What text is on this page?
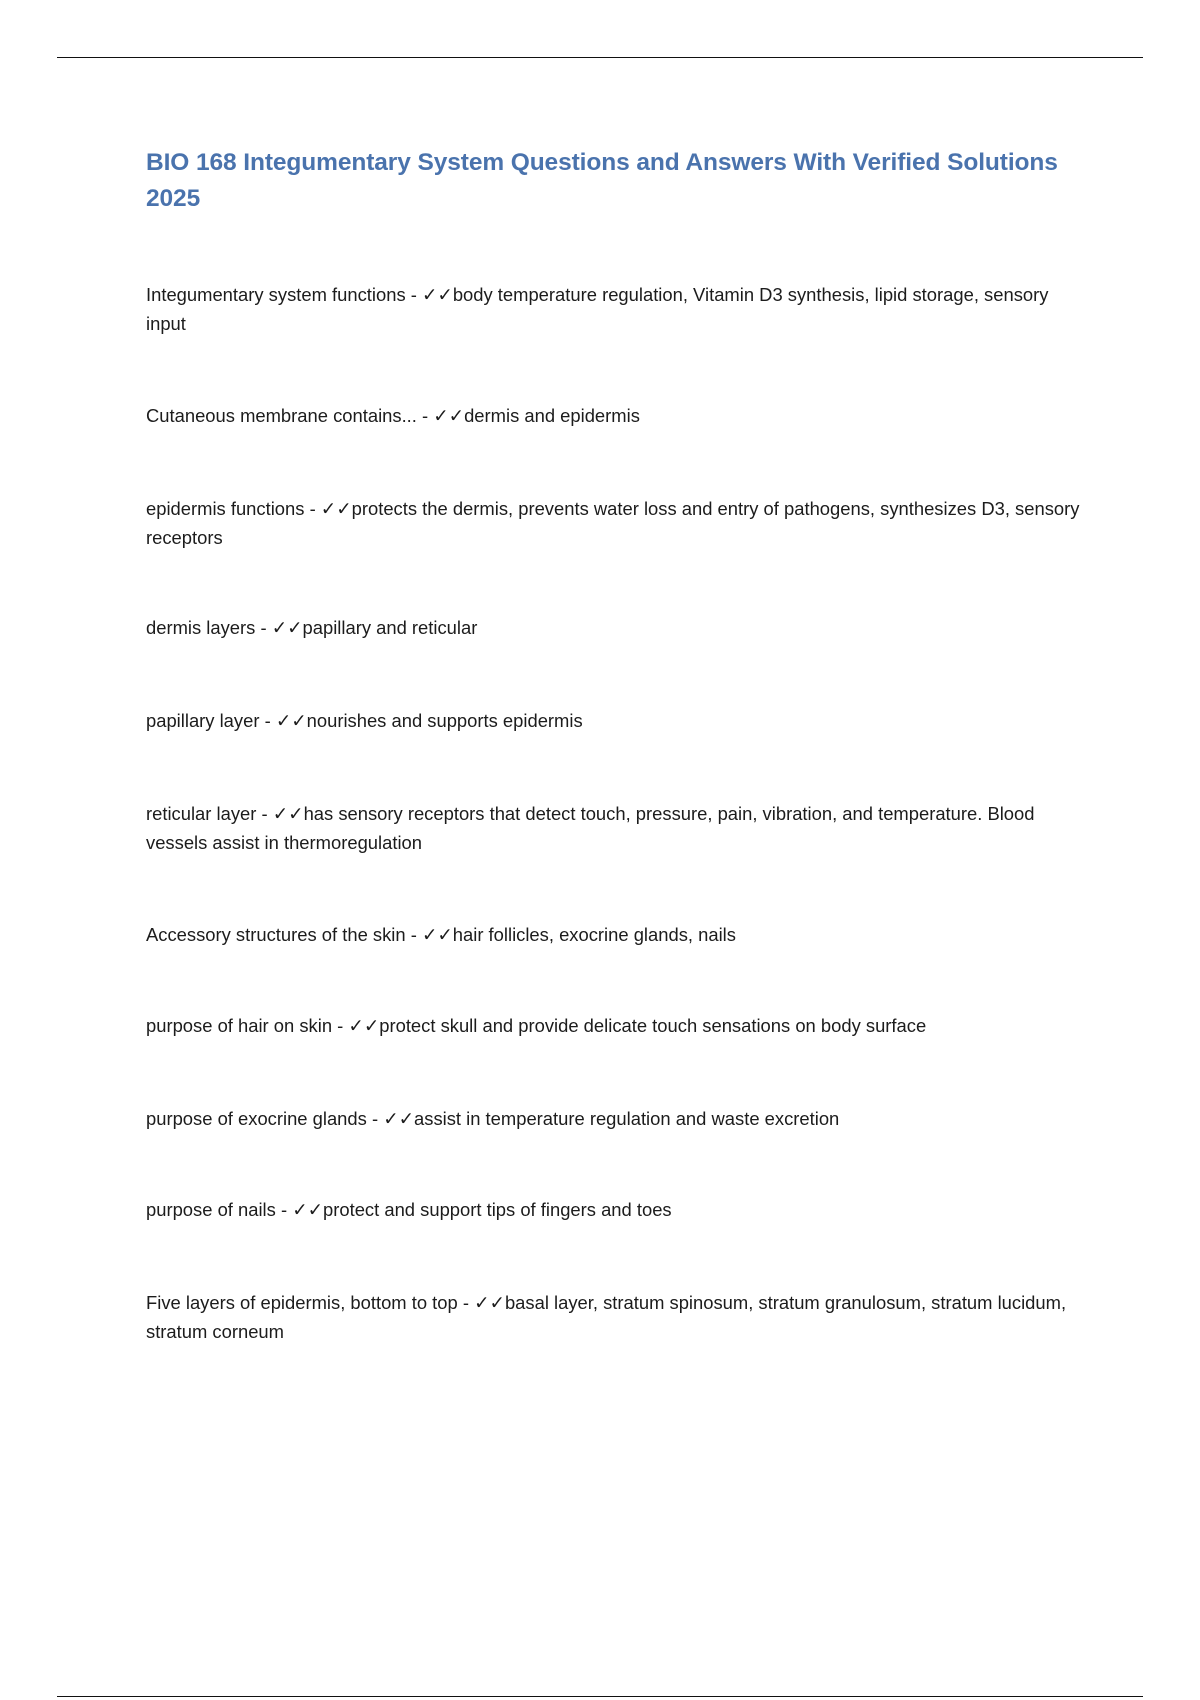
BIO 168 Integumentary System Questions and Answers With Verified Solutions 2025
Integumentary system functions - ✓✓body temperature regulation, Vitamin D3 synthesis, lipid storage, sensory input
Cutaneous membrane contains... - ✓✓dermis and epidermis
epidermis functions - ✓✓protects the dermis, prevents water loss and entry of pathogens, synthesizes D3, sensory receptors
dermis layers - ✓✓papillary and reticular
papillary layer - ✓✓nourishes and supports epidermis
reticular layer - ✓✓has sensory receptors that detect touch, pressure, pain, vibration, and temperature. Blood vessels assist in thermoregulation
Accessory structures of the skin - ✓✓hair follicles, exocrine glands, nails
purpose of hair on skin - ✓✓protect skull and provide delicate touch sensations on body surface
purpose of exocrine glands - ✓✓assist in temperature regulation and waste excretion
purpose of nails - ✓✓protect and support tips of fingers and toes
Five layers of epidermis, bottom to top - ✓✓basal layer, stratum spinosum, stratum granulosum, stratum lucidum, stratum corneum
